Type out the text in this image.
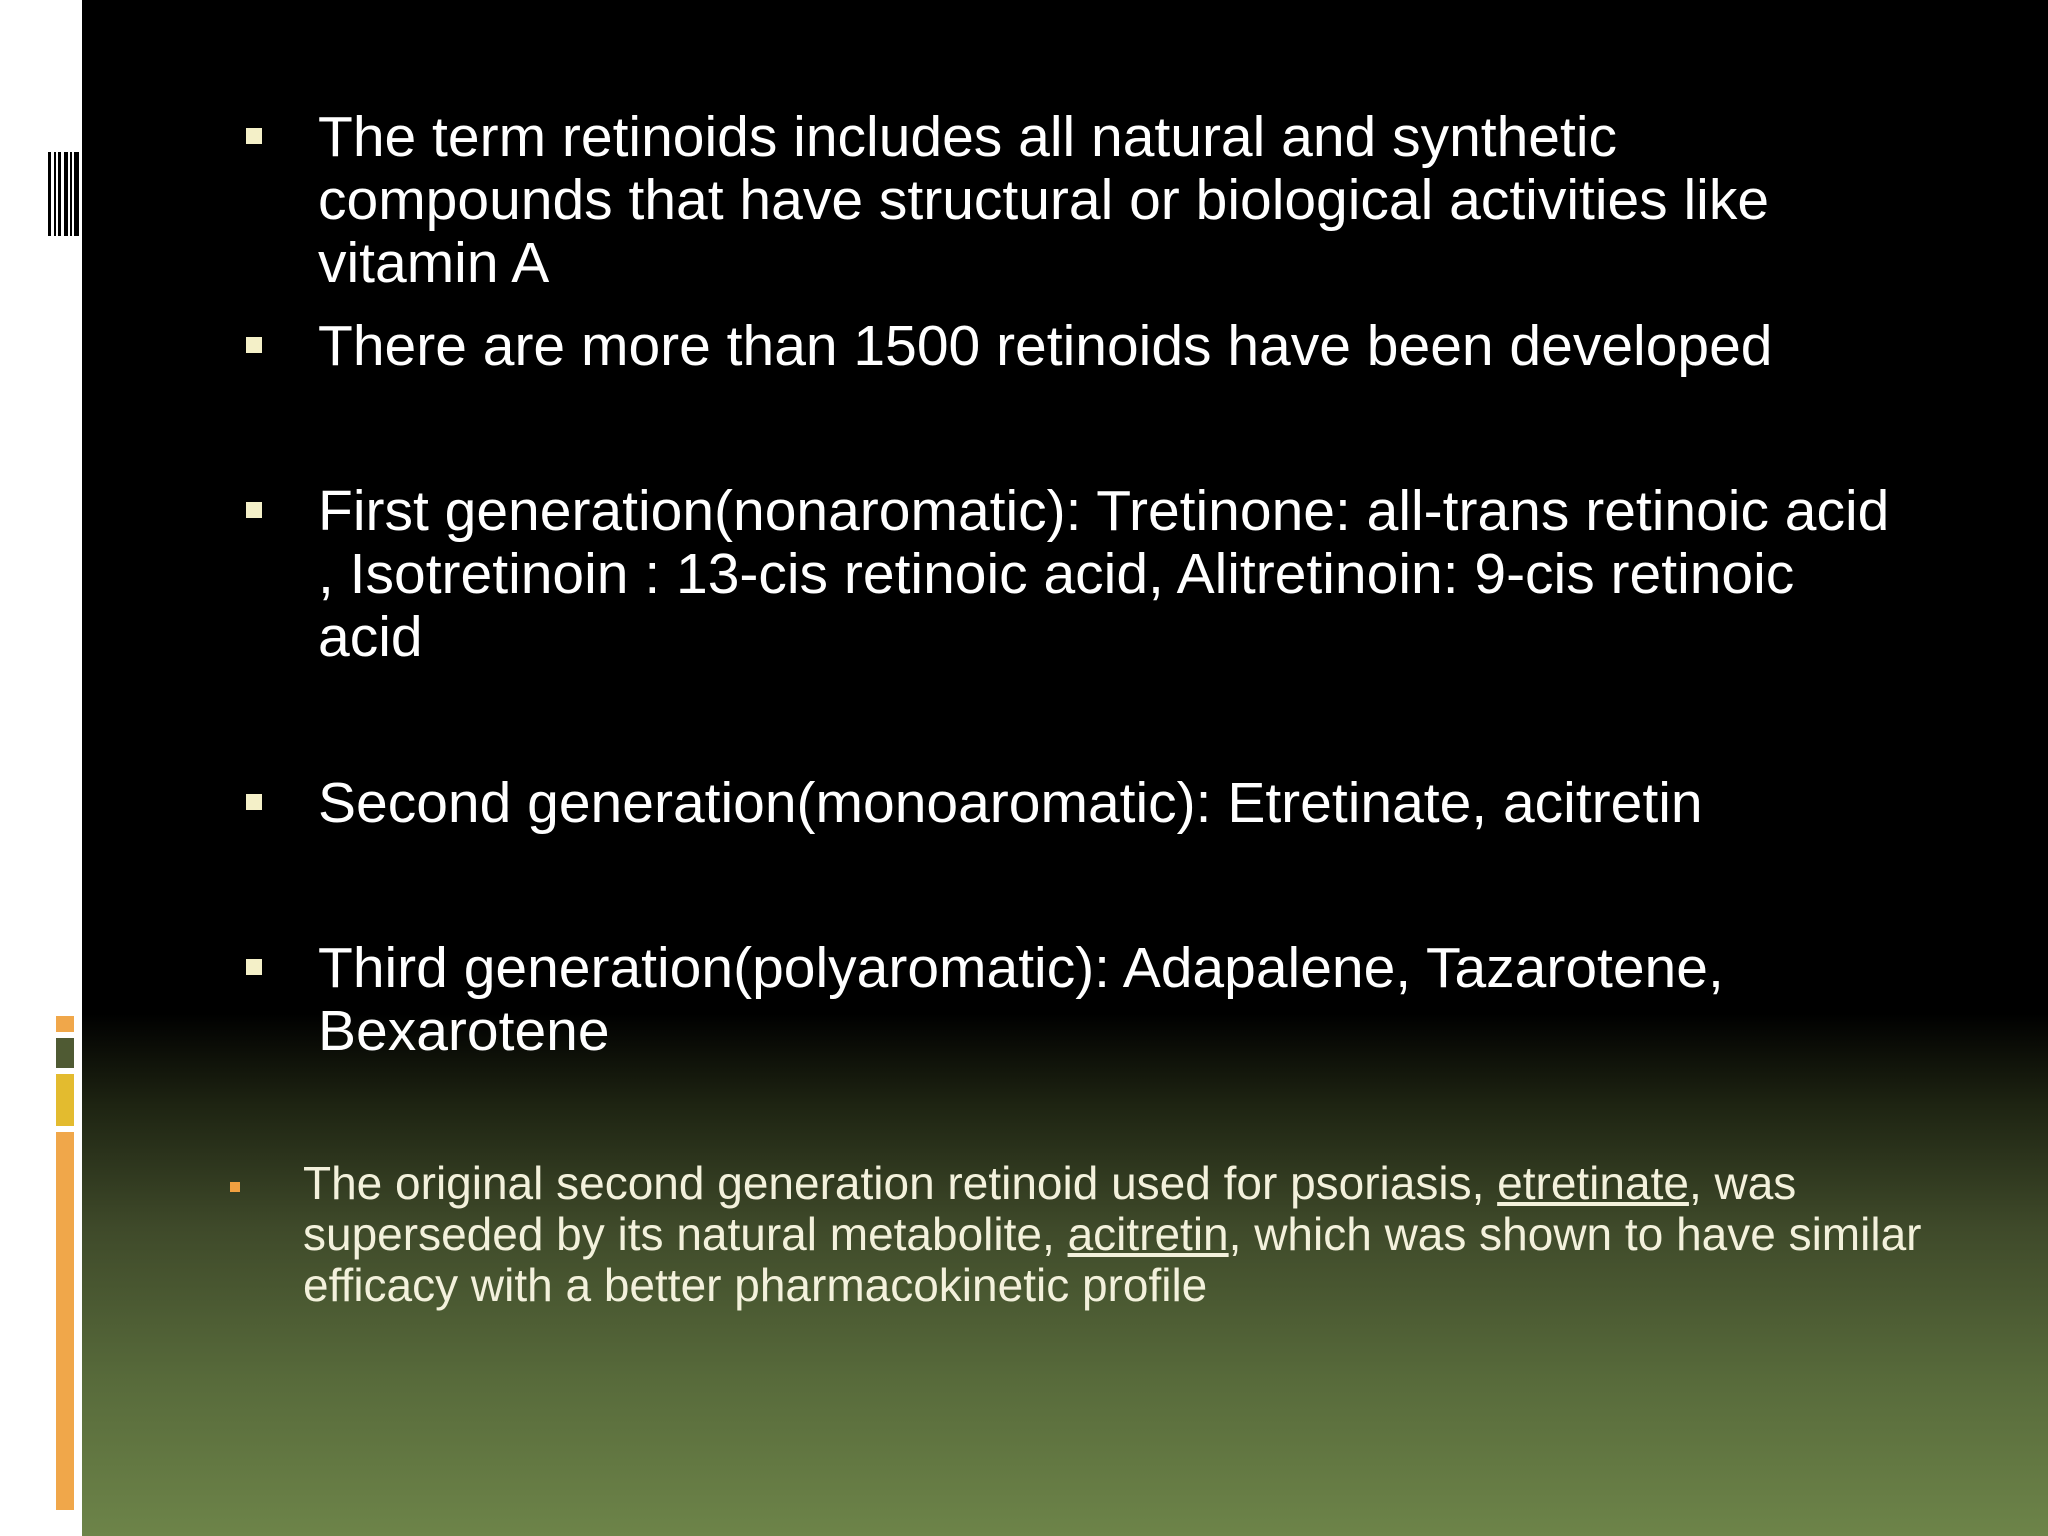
The term retinoids includes all natural and synthetic compounds that have structural or biological activities like vitamin A
There are more than 1500 retinoids have been developed
First generation(nonaromatic): Tretinone: all-trans retinoic acid , Isotretinoin : 13-cis retinoic acid, Alitretinoin: 9-cis retinoic acid
Second generation(monoaromatic): Etretinate, acitretin
Third generation(polyaromatic): Adapalene, Tazarotene, Bexarotene
The original second generation retinoid used for psoriasis, etretinate, was superseded by its natural metabolite, acitretin, which was shown to have similar efficacy with a better pharmacokinetic profile
